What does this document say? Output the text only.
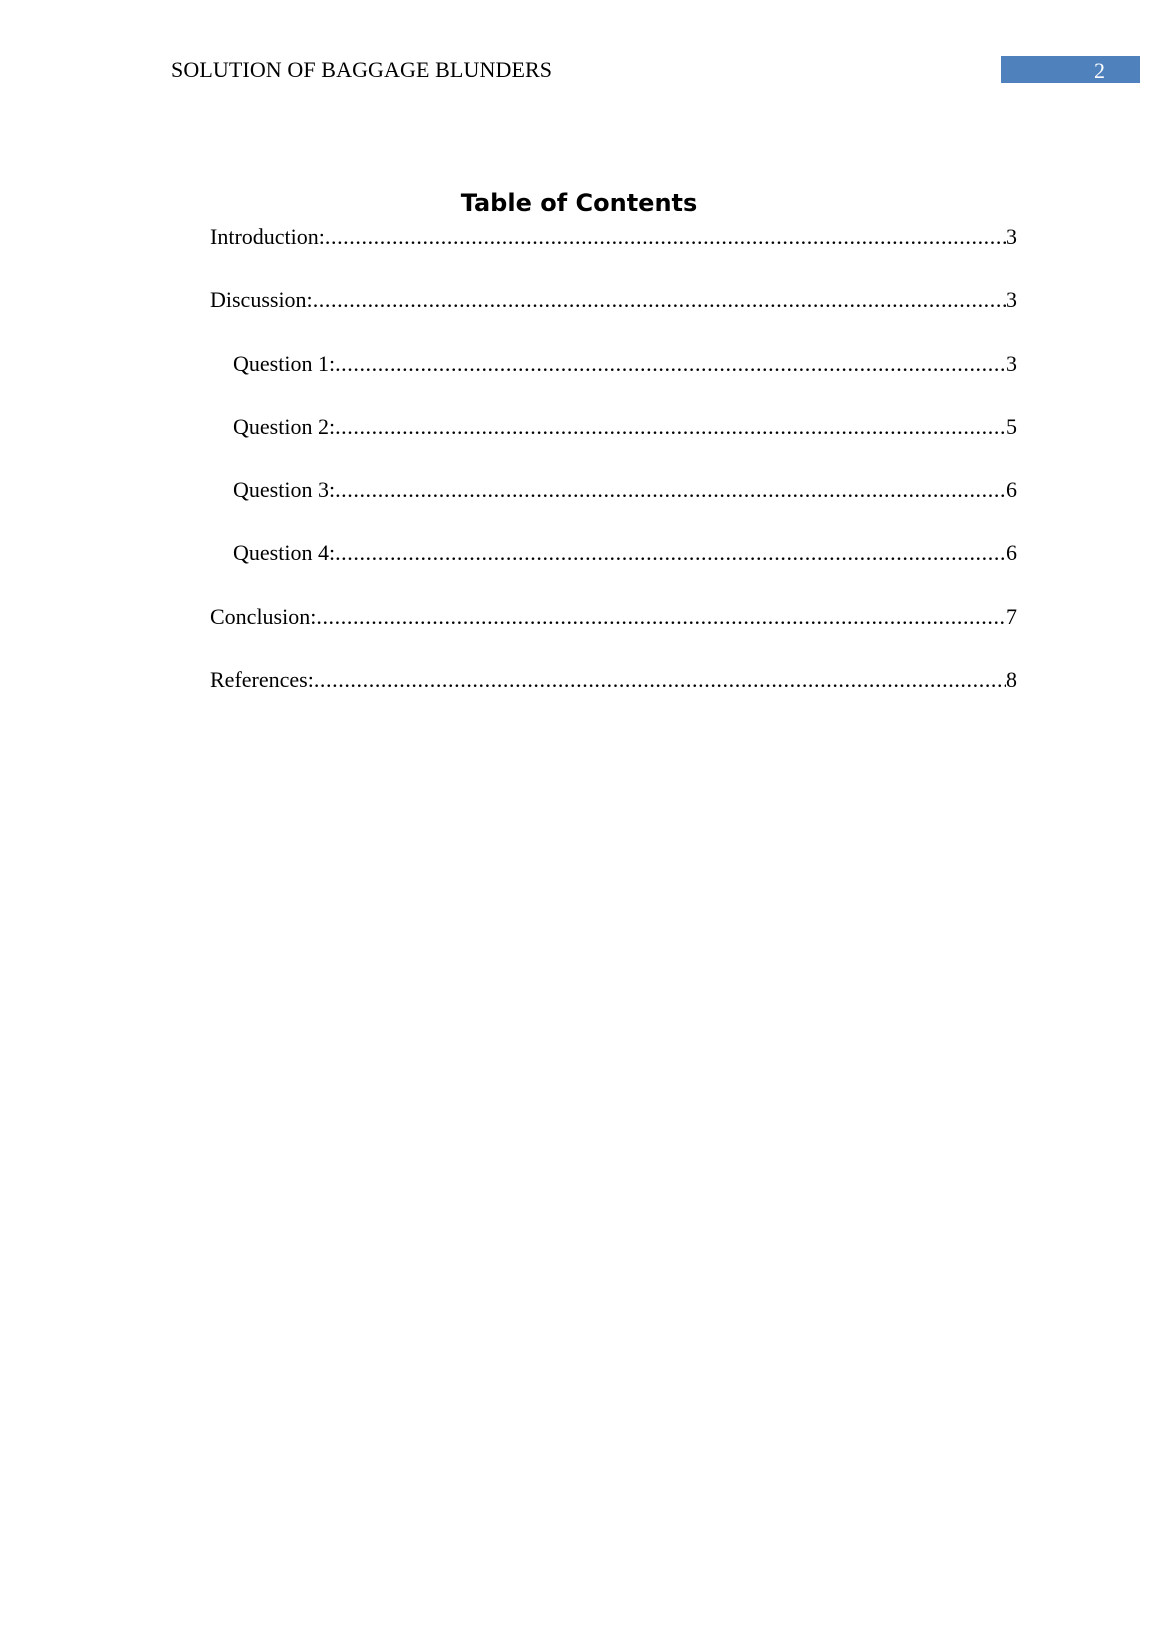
SOLUTION OF BAGGAGE BLUNDERS	2
Table of Contents
Introduction: .....	3
Discussion: .....	3
Question 1: .....	3
Question 2: .....	5
Question 3: .....	6
Question 4: .....	6
Conclusion: .....	7
References: .....	8
